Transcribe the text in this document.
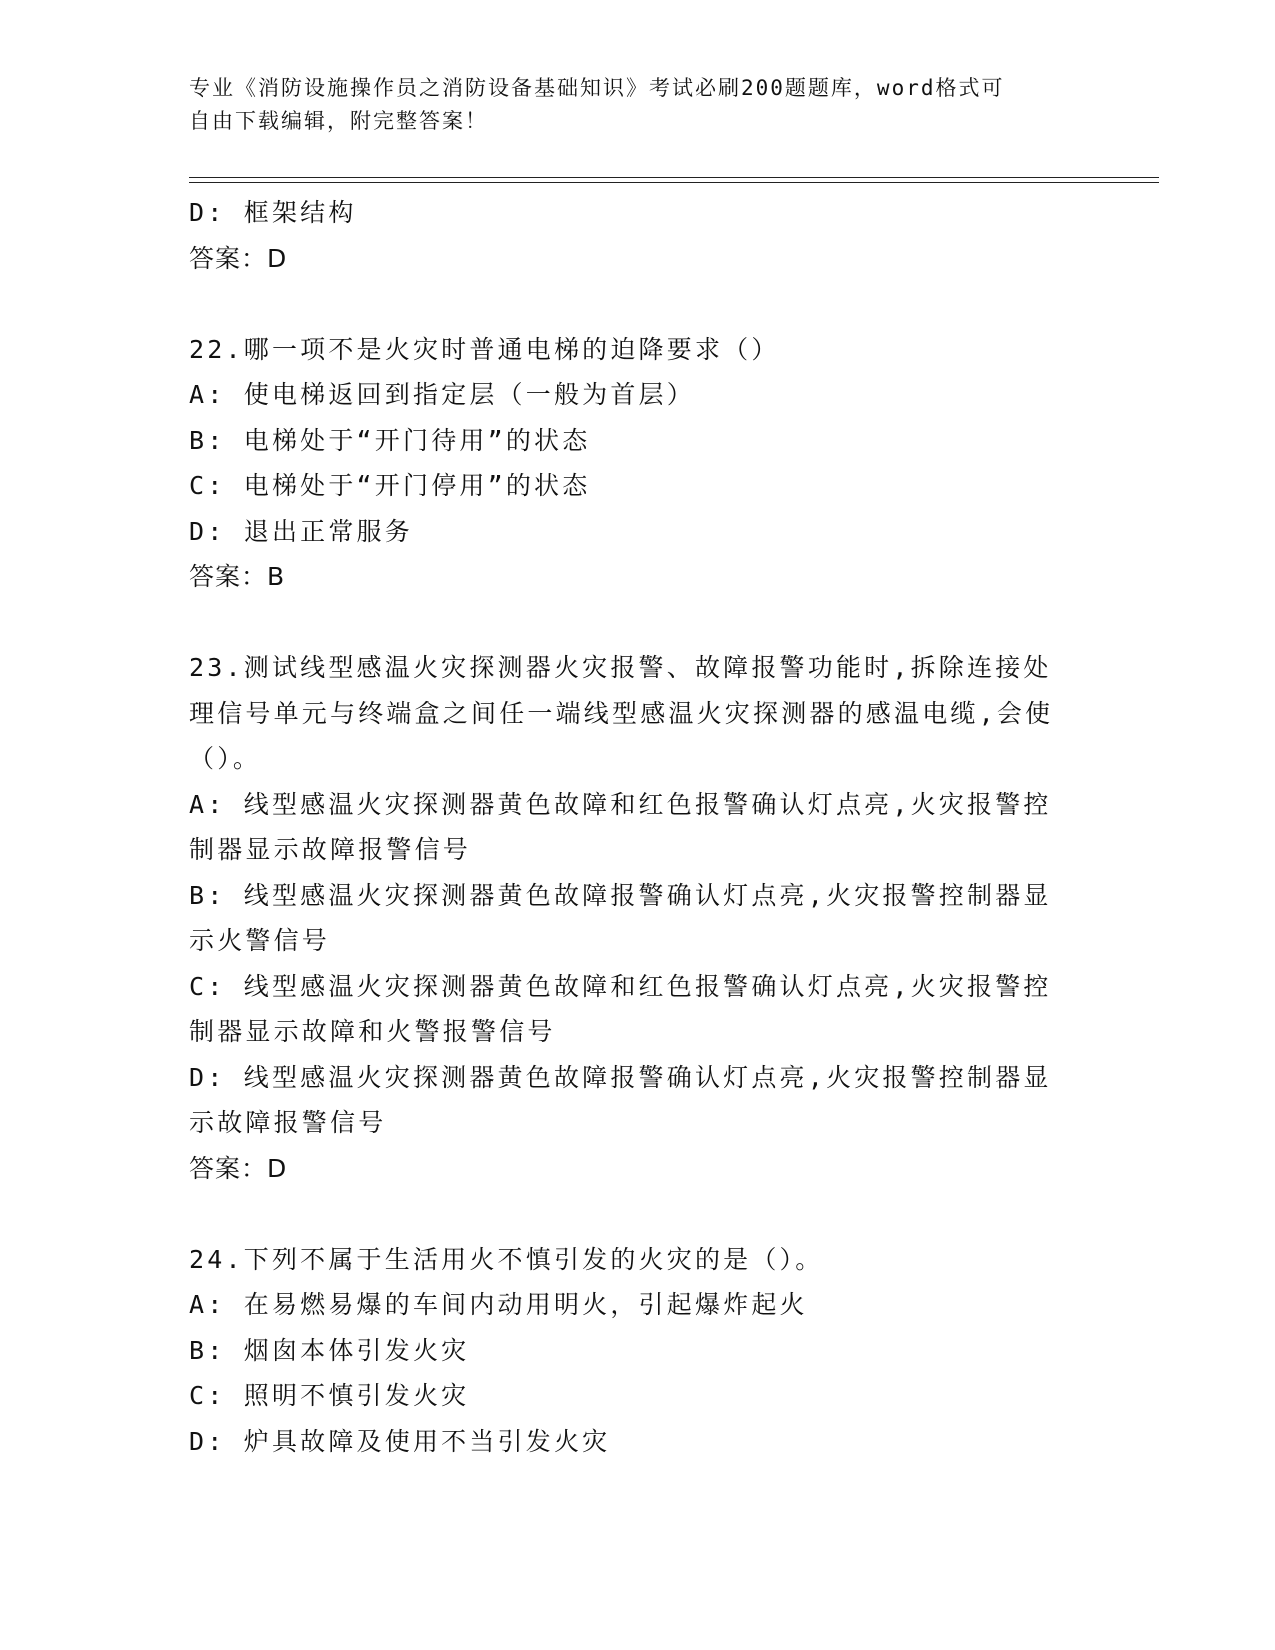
专业《消防设施操作员之消防设备基础知识》考试必刷200题题库，word格式可
自由下载编辑，附完整答案！
D: 框架结构
答案：D
22.哪一项不是火灾时普通电梯的迫降要求（）
A: 使电梯返回到指定层（一般为首层）
B: 电梯处于“开门待用”的状态
C: 电梯处于“开门停用”的状态
D: 退出正常服务
答案：B
23.测试线型感温火灾探测器火灾报警、故障报警功能时,拆除连接处
理信号单元与终端盒之间任一端线型感温火灾探测器的感温电缆,会使
（）。
A: 线型感温火灾探测器黄色故障和红色报警确认灯点亮,火灾报警控
制器显示故障报警信号
B: 线型感温火灾探测器黄色故障报警确认灯点亮,火灾报警控制器显
示火警信号
C: 线型感温火灾探测器黄色故障和红色报警确认灯点亮,火灾报警控
制器显示故障和火警报警信号
D: 线型感温火灾探测器黄色故障报警确认灯点亮,火灾报警控制器显
示故障报警信号
答案：D
24.下列不属于生活用火不慎引发的火灾的是（）。
A: 在易燃易爆的车间内动用明火，引起爆炸起火
B: 烟囱本体引发火灾
C: 照明不慎引发火灾
D: 炉具故障及使用不当引发火灾
